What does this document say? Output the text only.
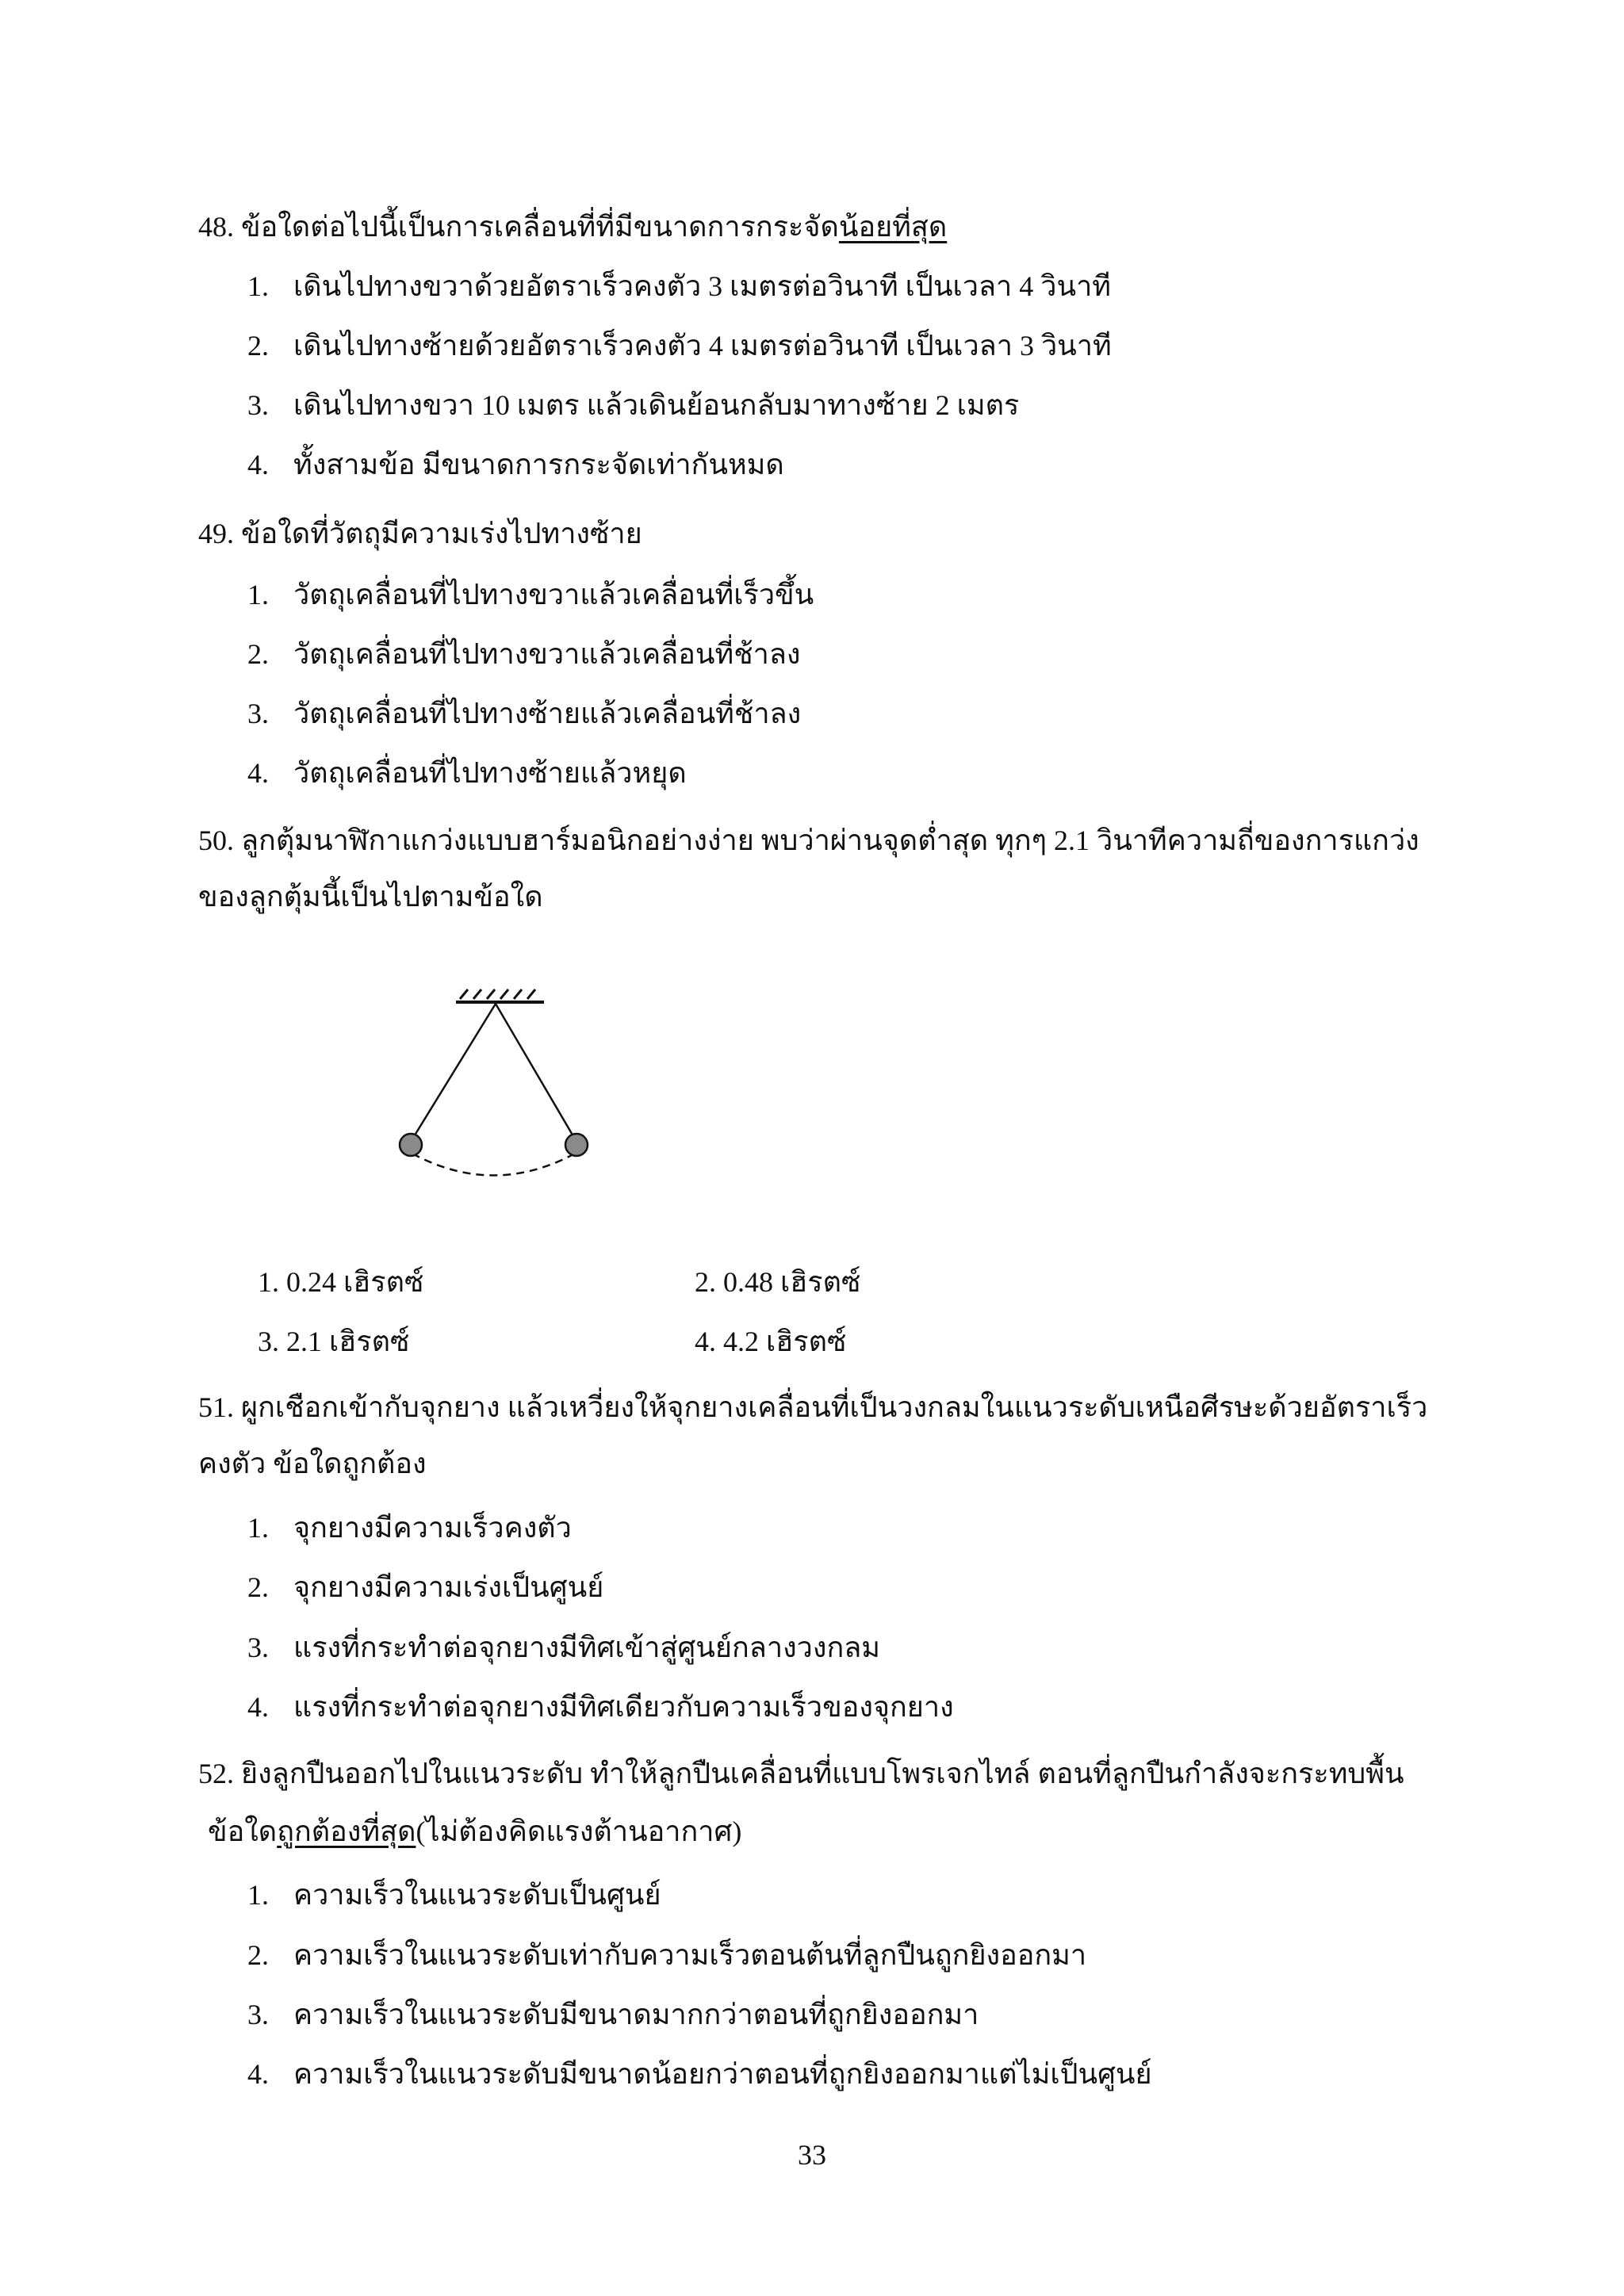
48. ข้อใดต่อไปนี้เป็นการเคลื่อนที่ที่มีขนาดการกระจัดน้อยที่สุด
1. เดินไปทางขวาด้วยอัตราเร็วคงตัว 3 เมตรต่อวินาที เป็นเวลา 4 วินาที
2. เดินไปทางซ้ายด้วยอัตราเร็วคงตัว 4 เมตรต่อวินาที เป็นเวลา 3 วินาที
3. เดินไปทางขวา 10 เมตร แล้วเดินย้อนกลับมาทางซ้าย 2 เมตร
4. ทั้งสามข้อ มีขนาดการกระจัดเท่ากันหมด
49. ข้อใดที่วัตถุมีความเร่งไปทางซ้าย
1. วัตถุเคลื่อนที่ไปทางขวาแล้วเคลื่อนที่เร็วขึ้น
2. วัตถุเคลื่อนที่ไปทางขวาแล้วเคลื่อนที่ช้าลง
3. วัตถุเคลื่อนที่ไปทางซ้ายแล้วเคลื่อนที่ช้าลง
4. วัตถุเคลื่อนที่ไปทางซ้ายแล้วหยุด
50. ลูกตุ้มนาฬิกาแกว่งแบบฮาร์มอนิกอย่างง่าย พบว่าผ่านจุดต่ำสุด ทุกๆ 2.1 วินาทีความถี่ของการแกว่ง
ของลูกตุ้มนี้เป็นไปตามข้อใด
1. 0.24 เฮิรตซ์	2. 0.48 เฮิรตซ์
3. 2.1 เฮิรตซ์	4. 4.2 เฮิรตซ์
51. ผูกเชือกเข้ากับจุกยาง แล้วเหวี่ยงให้จุกยางเคลื่อนที่เป็นวงกลมในแนวระดับเหนือศีรษะด้วยอัตราเร็ว
คงตัว ข้อใดถูกต้อง
1. จุกยางมีความเร็วคงตัว
2. จุกยางมีความเร่งเป็นศูนย์
3. แรงที่กระทำต่อจุกยางมีทิศเข้าสู่ศูนย์กลางวงกลม
4. แรงที่กระทำต่อจุกยางมีทิศเดียวกับความเร็วของจุกยาง
52. ยิงลูกปืนออกไปในแนวระดับ ทำให้ลูกปืนเคลื่อนที่แบบโพรเจกไทล์ ตอนที่ลูกปืนกำลังจะกระทบพื้น
ข้อใดถูกต้องที่สุด(ไม่ต้องคิดแรงต้านอากาศ)
1. ความเร็วในแนวระดับเป็นศูนย์
2. ความเร็วในแนวระดับเท่ากับความเร็วตอนต้นที่ลูกปืนถูกยิงออกมา
3. ความเร็วในแนวระดับมีขนาดมากกว่าตอนที่ถูกยิงออกมา
4. ความเร็วในแนวระดับมีขนาดน้อยกว่าตอนที่ถูกยิงออกมาแต่ไม่เป็นศูนย์
33
